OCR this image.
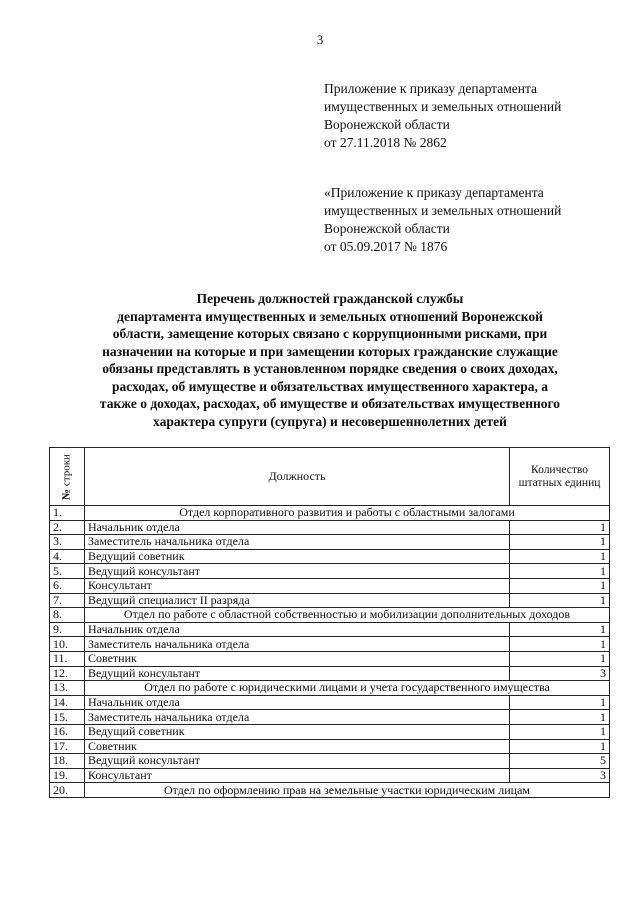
3
Приложение к приказу департамента
имущественных и земельных отношений
Воронежской области
от 27.11.2018 № 2862
«Приложение к приказу департамента
имущественных и земельных отношений
Воронежской области
от 05.09.2017 № 1876
Перечень должностей гражданской службы
департамента имущественных и земельных отношений Воронежской
области, замещение которых связано с коррупционными рисками, при
назначении на которые и при замещении которых гражданские служащие
обязаны представлять в установленном порядке сведения о своих доходах,
расходах, об имуществе и обязательствах имущественного характера, а
также о доходах, расходах, об имуществе и обязательствах имущественного
характера супруги (супруга) и несовершеннолетних детей
№ строки	Должность	Количество штатных единиц
1.	Отдел корпоративного развития и работы с областными залогами	
2.	Начальник отдела	1
3.	Заместитель начальника отдела	1
4.	Ведущий советник	1
5.	Ведущий консультант	1
6.	Консультант	1
7.	Ведущий специалист II разряда	1
8.	Отдел по работе с областной собственностью и мобилизации дополнительных доходов	
9.	Начальник отдела	1
10.	Заместитель начальника отдела	1
11.	Советник	1
12.	Ведущий консультант	3
13.	Отдел по работе с юридическими лицами и учета государственного имущества	
14.	Начальник отдела	1
15.	Заместитель начальника отдела	1
16.	Ведущий советник	1
17.	Советник	1
18.	Ведущий консультант	5
19.	Консультант	3
20.	Отдел по оформлению прав на земельные участки юридическим лицам	
